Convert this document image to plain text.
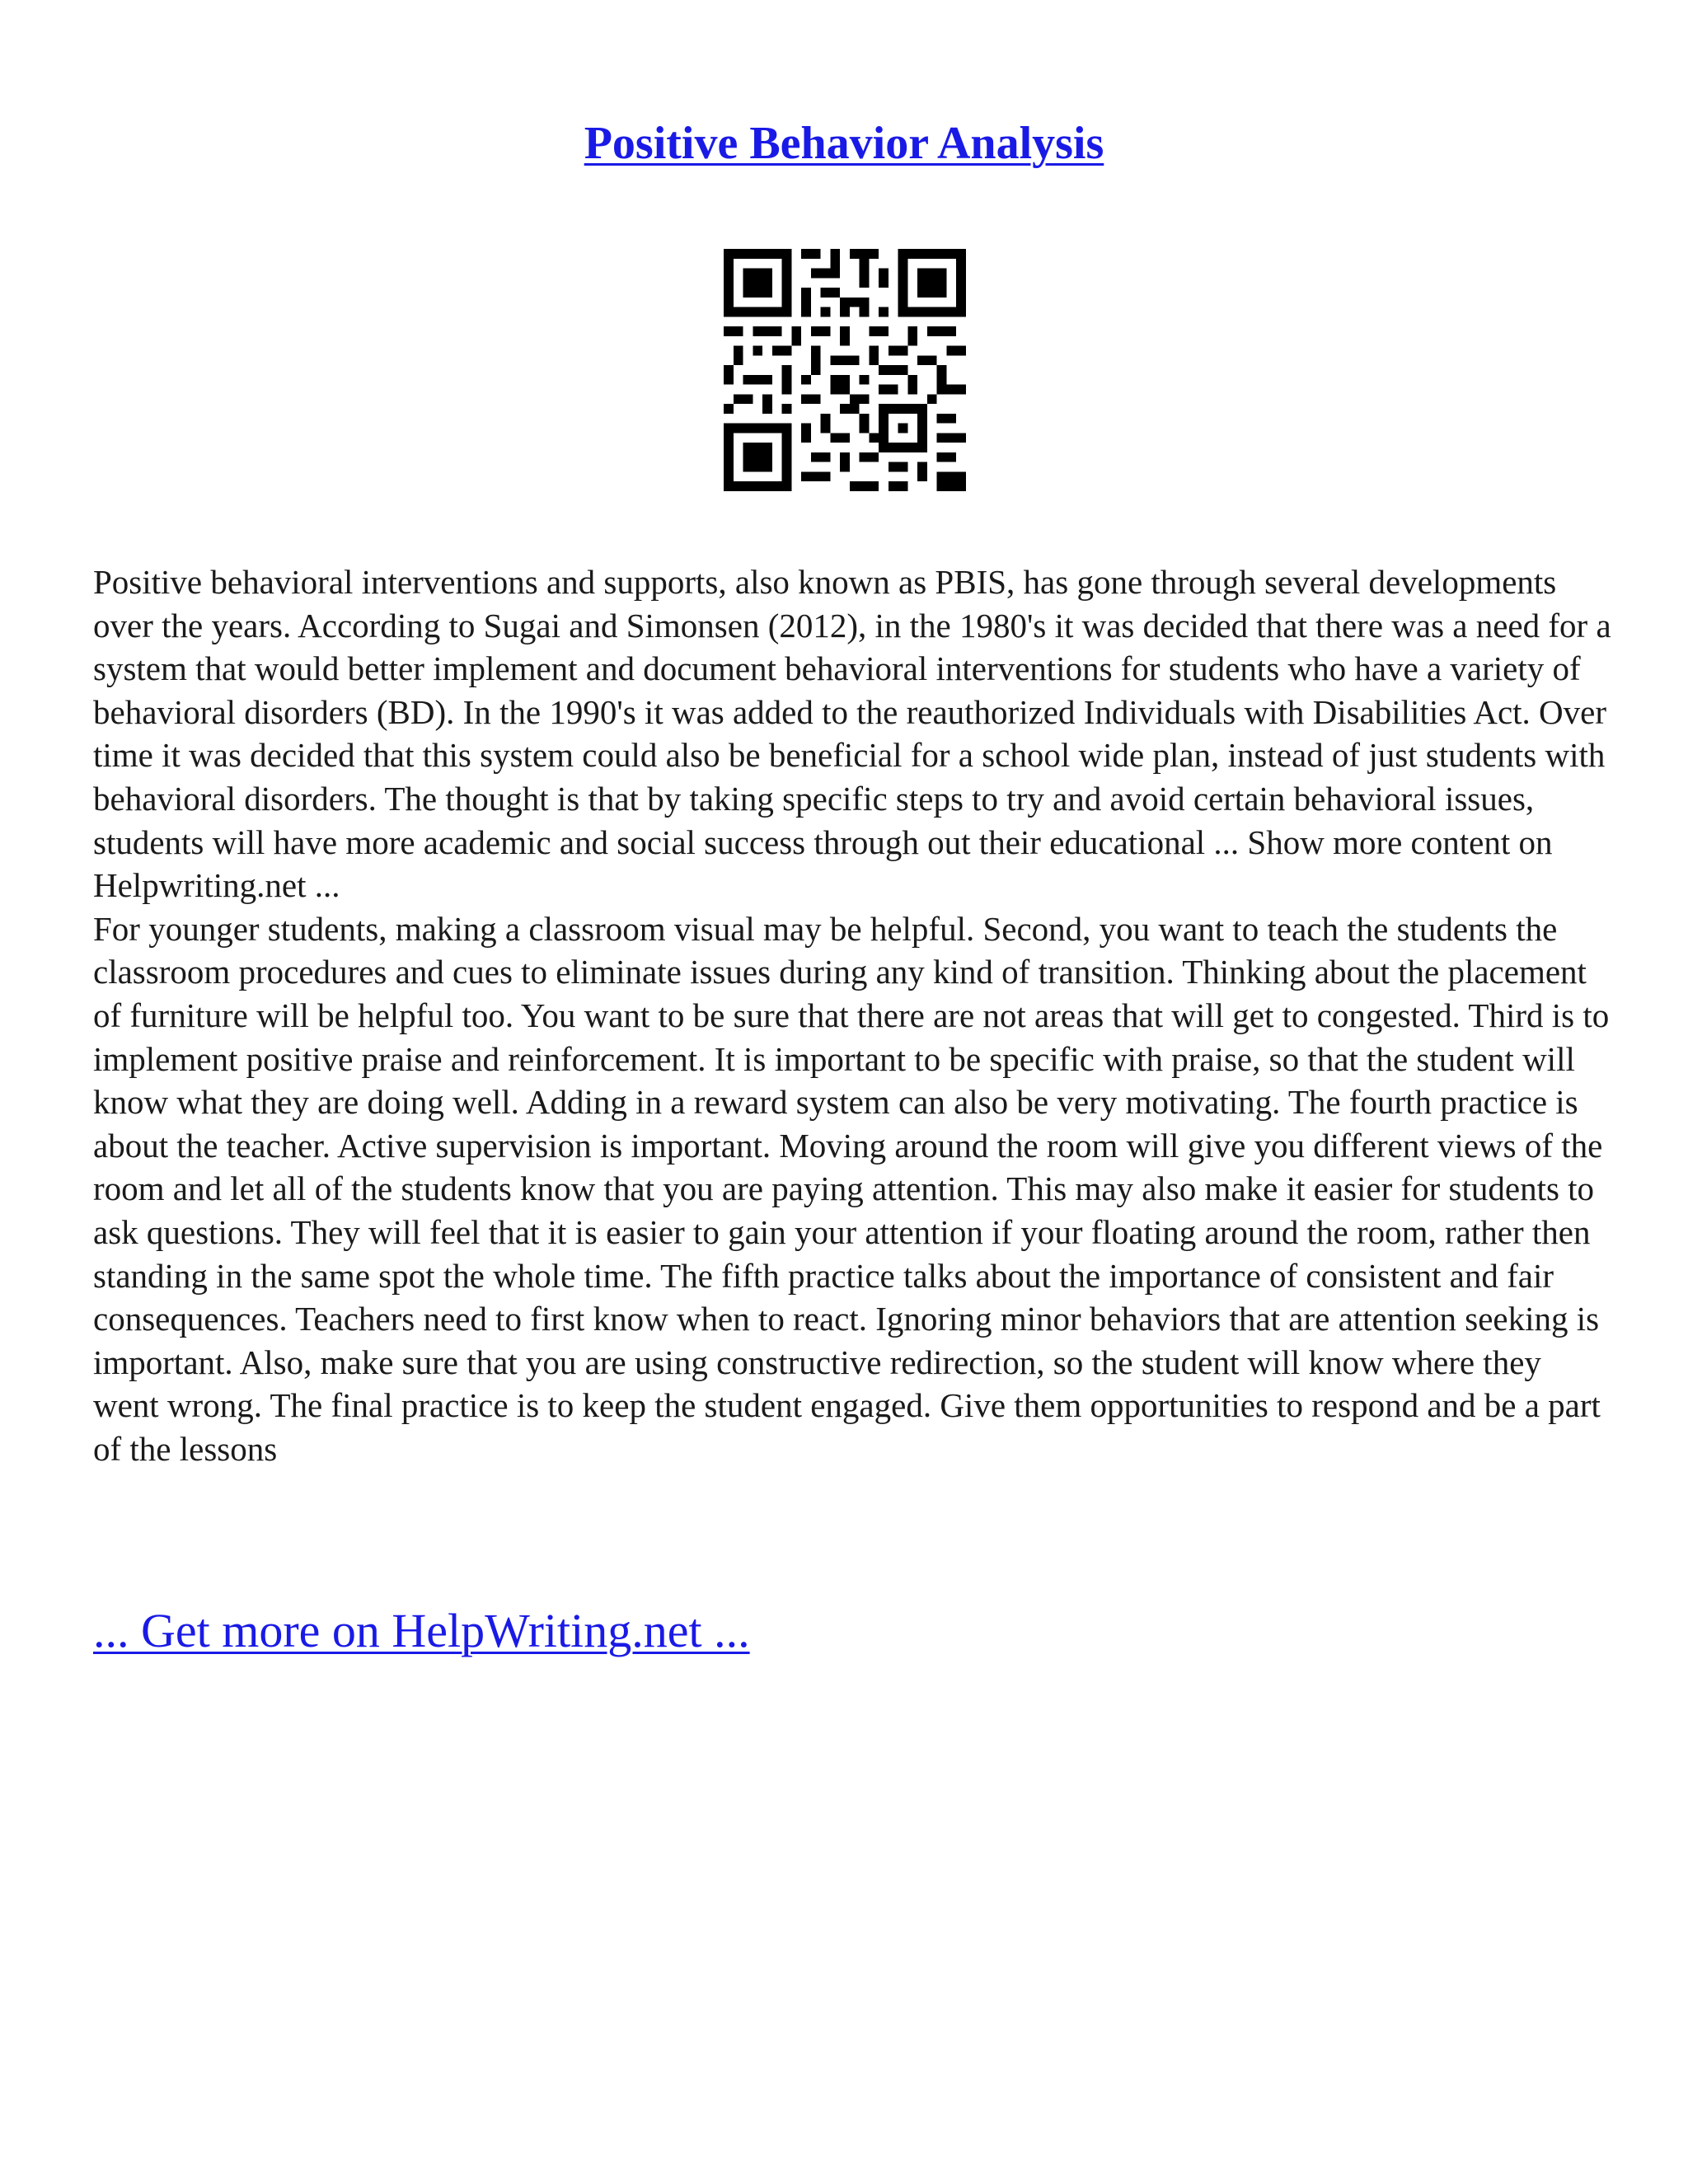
Positive Behavior Analysis

Positive behavioral interventions and supports, also known as PBIS, has gone through several developments over the years. According to Sugai and Simonsen (2012), in the 1980's it was decided that there was a need for a system that would better implement and document behavioral interventions for students who have a variety of behavioral disorders (BD). In the 1990's it was added to the reauthorized Individuals with Disabilities Act. Over time it was decided that this system could also be beneficial for a school wide plan, instead of just students with behavioral disorders. The thought is that by taking specific steps to try and avoid certain behavioral issues, students will have more academic and social success through out their educational ... Show more content on Helpwriting.net ...

For younger students, making a classroom visual may be helpful. Second, you want to teach the students the classroom procedures and cues to eliminate issues during any kind of transition. Thinking about the placement of furniture will be helpful too. You want to be sure that there are not areas that will get to congested. Third is to implement positive praise and reinforcement. It is important to be specific with praise, so that the student will know what they are doing well. Adding in a reward system can also be very motivating. The fourth practice is about the teacher. Active supervision is important. Moving around the room will give you different views of the room and let all of the students know that you are paying attention. This may also make it easier for students to ask questions. They will feel that it is easier to gain your attention if your floating around the room, rather then standing in the same spot the whole time. The fifth practice talks about the importance of consistent and fair consequences. Teachers need to first know when to react. Ignoring minor behaviors that are attention seeking is important. Also, make sure that you are using constructive redirection, so the student will know where they went wrong. The final practice is to keep the student engaged. Give them opportunities to respond and be a part of the lessons

... Get more on HelpWriting.net ...
